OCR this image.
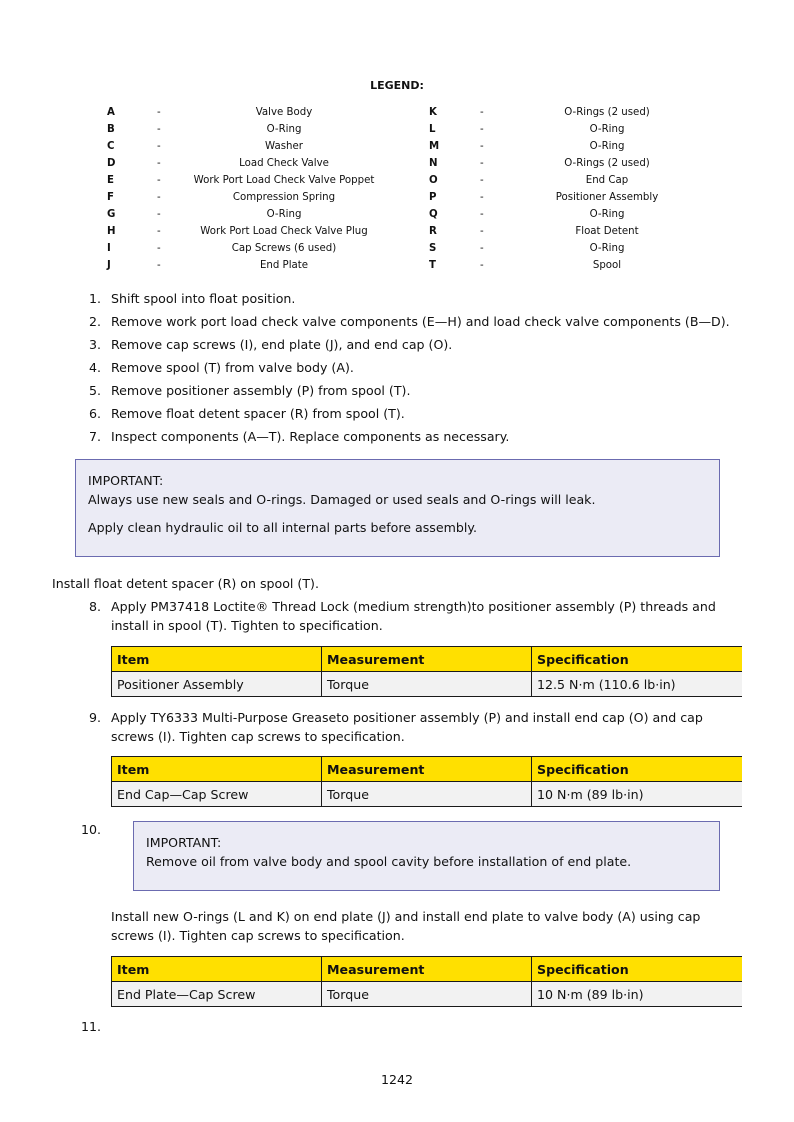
LEGEND:
A	-	Valve Body
B	-	O-Ring
C	-	Washer
D	-	Load Check Valve
E	-	Work Port Load Check Valve Poppet
F	-	Compression Spring
G	-	O-Ring
H	-	Work Port Load Check Valve Plug
I	-	Cap Screws (6 used)
J	-	End Plate
K	-	O-Rings (2 used)
L	-	O-Ring
M	-	O-Ring
N	-	O-Rings (2 used)
O	-	End Cap
P	-	Positioner Assembly
Q	-	O-Ring
R	-	Float Detent
S	-	O-Ring
T	-	Spool
1. Shift spool into float position.
2. Remove work port load check valve components (E—H) and load check valve components (B—D).
3. Remove cap screws (I), end plate (J), and end cap (O).
4. Remove spool (T) from valve body (A).
5. Remove positioner assembly (P) from spool (T).
6. Remove float detent spacer (R) from spool (T).
7. Inspect components (A—T). Replace components as necessary.
IMPORTANT:
Always use new seals and O-rings. Damaged or used seals and O-rings will leak.
Apply clean hydraulic oil to all internal parts before assembly.
Install float detent spacer (R) on spool (T).
8. Apply PM37418 Loctite® Thread Lock (medium strength)to positioner assembly (P) threads and
install in spool (T). Tighten to specification.
Item	Measurement	Specification
Positioner Assembly	Torque	12.5 N·m (110.6 lb·in)
9. Apply TY6333 Multi-Purpose Greaseto positioner assembly (P) and install end cap (O) and cap
screws (I). Tighten cap screws to specification.
Item	Measurement	Specification
End Cap—Cap Screw	Torque	10 N·m (89 lb·in)
10.
IMPORTANT:
Remove oil from valve body and spool cavity before installation of end plate.
Install new O-rings (L and K) on end plate (J) and install end plate to valve body (A) using cap
screws (I). Tighten cap screws to specification.
Item	Measurement	Specification
End Plate—Cap Screw	Torque	10 N·m (89 lb·in)
11.
1242
